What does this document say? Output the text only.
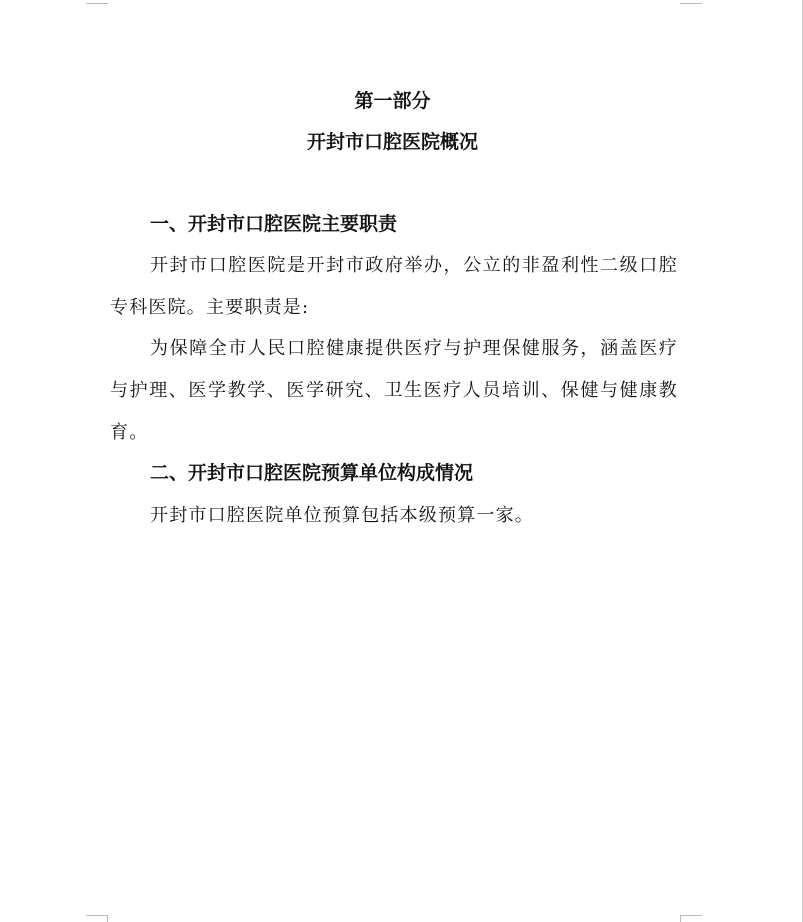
第一部分
开封市口腔医院概况
一、开封市口腔医院主要职责
开封市口腔医院是开封市政府举办，公立的非盈利性二级口腔专科医院。主要职责是:
为保障全市人民口腔健康提供医疗与护理保健服务，涵盖医疗与护理、医学教学、医学研究、卫生医疗人员培训、保健与健康教育。
二、开封市口腔医院预算单位构成情况
开封市口腔医院单位预算包括本级预算一家。
